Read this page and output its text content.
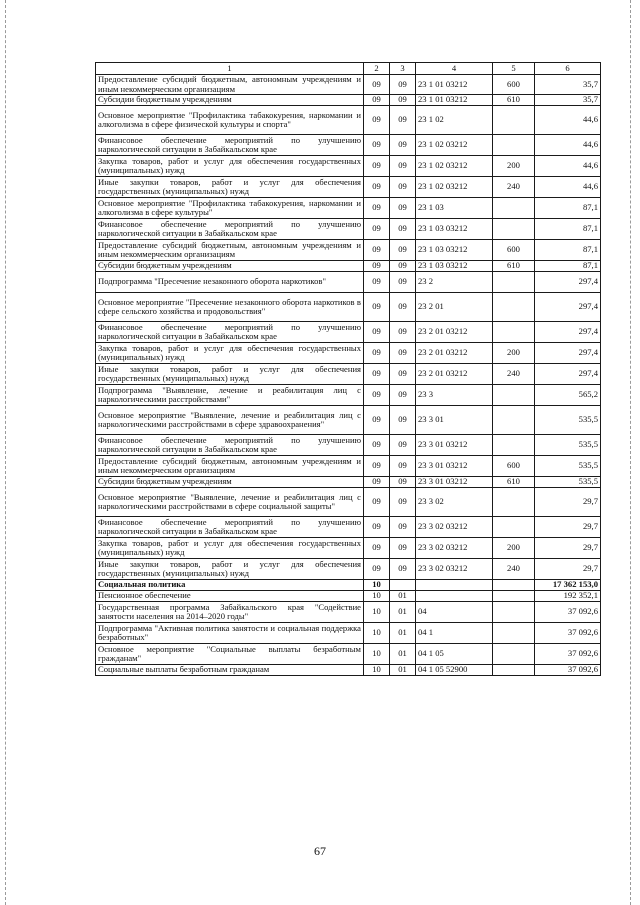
1	2	3	4	5	6
Предоставление субсидий бюджетным, автономным учреждениям и иным некоммерческим организациям	09	09	23 1 01 03212	600	35,7
Субсидии бюджетным учреждениям	09	09	23 1 01 03212	610	35,7
Основное мероприятие "Профилактика табакокурения, наркомании и алкоголизма в сфере физической культуры и спорта"	09	09	23 1 02		44,6
Финансовое обеспечение мероприятий по улучшению наркологической ситуации в Забайкальском крае	09	09	23 1 02 03212		44,6
Закупка товаров, работ и услуг для обеспечения государственных (муниципальных) нужд	09	09	23 1 02 03212	200	44,6
Иные закупки товаров, работ и услуг для обеспечения государственных (муниципальных) нужд	09	09	23 1 02 03212	240	44,6
Основное мероприятие "Профилактика табакокурения, наркомании и алкоголизма в сфере культуры"	09	09	23 1 03		87,1
Финансовое обеспечение мероприятий по улучшению наркологической ситуации в Забайкальском крае	09	09	23 1 03 03212		87,1
Предоставление субсидий бюджетным, автономным учреждениям и иным некоммерческим организациям	09	09	23 1 03 03212	600	87,1
Субсидии бюджетным учреждениям	09	09	23 1 03 03212	610	87,1
Подпрограмма "Пресечение незаконного оборота наркотиков"	09	09	23 2		297,4
Основное мероприятие "Пресечение незаконного оборота наркотиков в сфере сельского хозяйства и продовольствия"	09	09	23 2 01		297,4
Финансовое обеспечение мероприятий по улучшению наркологической ситуации в Забайкальском крае	09	09	23 2 01 03212		297,4
Закупка товаров, работ и услуг для обеспечения государственных (муниципальных) нужд	09	09	23 2 01 03212	200	297,4
Иные закупки товаров, работ и услуг для обеспечения государственных (муниципальных) нужд	09	09	23 2 01 03212	240	297,4
Подпрограмма "Выявление, лечение и реабилитация лиц с наркологическими расстройствами"	09	09	23 3		565,2
Основное мероприятие "Выявление, лечение и реабилитация лиц с наркологическими расстройствами в сфере здравоохранения"	09	09	23 3 01		535,5
Финансовое обеспечение мероприятий по улучшению наркологической ситуации в Забайкальском крае	09	09	23 3 01 03212		535,5
Предоставление субсидий бюджетным, автономным учреждениям и иным некоммерческим организациям	09	09	23 3 01 03212	600	535,5
Субсидии бюджетным учреждениям	09	09	23 3 01 03212	610	535,5
Основное мероприятие "Выявление, лечение и реабилитация лиц с наркологическими расстройствами в сфере социальной защиты"	09	09	23 3 02		29,7
Финансовое обеспечение мероприятий по улучшению наркологической ситуации в Забайкальском крае	09	09	23 3 02 03212		29,7
Закупка товаров, работ и услуг для обеспечения государственных (муниципальных) нужд	09	09	23 3 02 03212	200	29,7
Иные закупки товаров, работ и услуг для обеспечения государственных (муниципальных) нужд	09	09	23 3 02 03212	240	29,7
Социальная политика	10				17 362 153,0
Пенсионное обеспечение	10	01			192 352,1
Государственная программа Забайкальского края "Содействие занятости населения на 2014–2020 годы"	10	01	04		37 092,6
Подпрограмма "Активная политика занятости и социальная поддержка безработных"	10	01	04 1		37 092,6
Основное мероприятие "Социальные выплаты безработным гражданам"	10	01	04 1 05		37 092,6
Социальные выплаты безработным гражданам	10	01	04 1 05 52900		37 092,6
67
